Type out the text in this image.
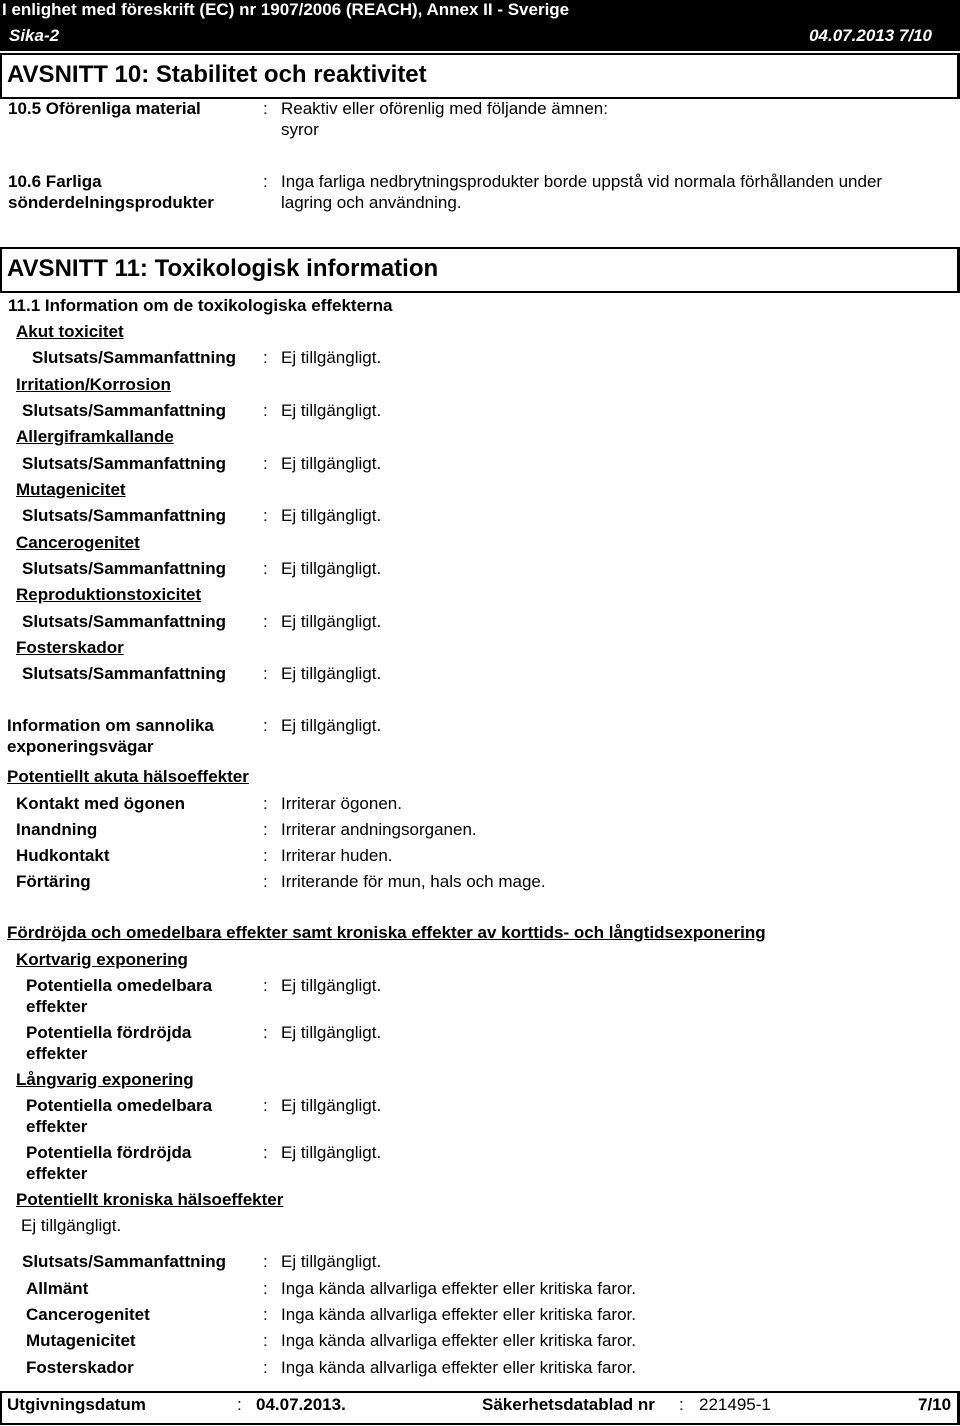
I enlighet med föreskrift (EC) nr 1907/2006 (REACH), Annex II - Sverige
Sika-2	04.07.2013 7/10
AVSNITT 10: Stabilitet och reaktivitet
10.5 Oförenliga material	: Reaktiv eller oförenlig med följande ämnen:
syror
10.6 Farliga
sönderdelningsprodukter
: Inga farliga nedbrytningsprodukter borde uppstå vid normala förhållanden under
lagring och användning.
AVSNITT 11: Toxikologisk information
11.1 Information om de toxikologiska effekterna
Akut toxicitet
Slutsats/Sammanfattning : Ej tillgängligt.
Irritation/Korrosion
Slutsats/Sammanfattning : Ej tillgängligt.
Allergiframkallande
Slutsats/Sammanfattning : Ej tillgängligt.
Mutagenicitet
Slutsats/Sammanfattning : Ej tillgängligt.
Cancerogenitet
Slutsats/Sammanfattning : Ej tillgängligt.
Reproduktionstoxicitet
Slutsats/Sammanfattning : Ej tillgängligt.
Fosterskador
Slutsats/Sammanfattning : Ej tillgängligt.
Information om sannolika
exponeringsvägar
: Ej tillgängligt.
Potentiellt akuta hälsoeffekter
Kontakt med ögonen	: Irriterar ögonen.
Inandning	: Irriterar andningsorganen.
Hudkontakt	: Irriterar huden.
Förtäring	: Irriterande för mun, hals och mage.
Fördröjda och omedelbara effekter samt kroniska effekter av korttids- och långtidsexponering
Kortvarig exponering
Potentiella omedelbara
effekter
: Ej tillgängligt.
Potentiella fördröjda
effekter
: Ej tillgängligt.
Långvarig exponering
Potentiella omedelbara
effekter
: Ej tillgängligt.
Potentiella fördröjda
effekter
: Ej tillgängligt.
Potentiellt kroniska hälsoeffekter
Ej tillgängligt.
Slutsats/Sammanfattning : Ej tillgängligt.
Allmänt	: Inga kända allvarliga effekter eller kritiska faror.
Cancerogenitet	: Inga kända allvarliga effekter eller kritiska faror.
Mutagenicitet	: Inga kända allvarliga effekter eller kritiska faror.
Fosterskador	: Inga kända allvarliga effekter eller kritiska faror.
Utgivningsdatum	: 04.07.2013.	Säkerhetsdatablad nr : 221495-1	7/10
